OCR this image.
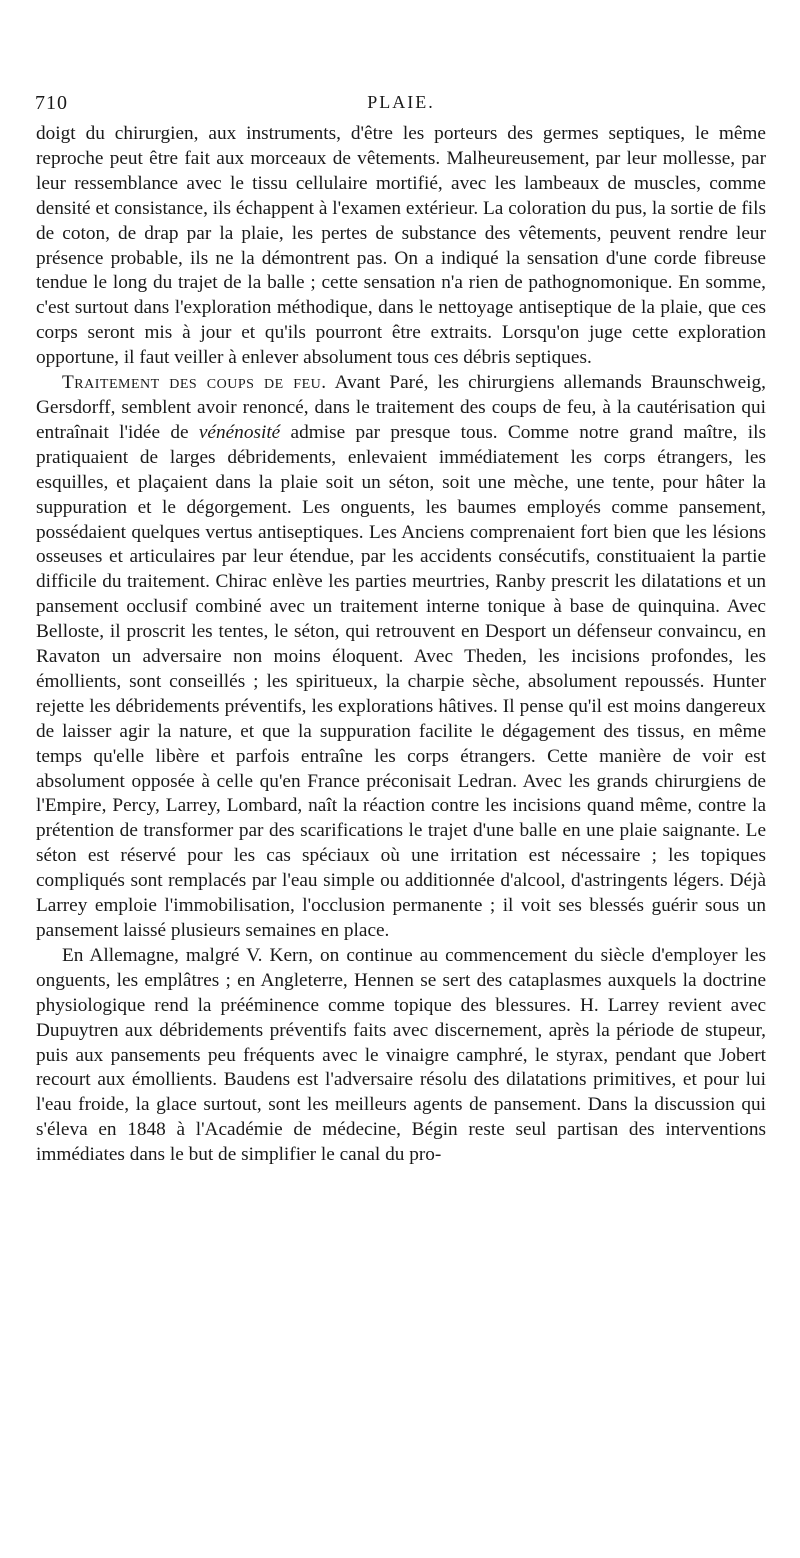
710	PLAIE.

doigt du chirurgien, aux instruments, d'être les porteurs des germes septiques, le même reproche peut être fait aux morceaux de vêtements. Malheureusement, par leur mollesse, par leur ressemblance avec le tissu cellulaire mortifié, avec les lambeaux de muscles, comme densité et consistance, ils échappent à l'examen extérieur. La coloration du pus, la sortie de fils de coton, de drap par la plaie, les pertes de substance des vêtements, peuvent rendre leur présence probable, ils ne la démontrent pas. On a indiqué la sensation d'une corde fibreuse tendue le long du trajet de la balle ; cette sensation n'a rien de pathognomonique. En somme, c'est surtout dans l'exploration méthodique, dans le nettoyage antiseptique de la plaie, que ces corps seront mis à jour et qu'ils pourront être extraits. Lorsqu'on juge cette exploration opportune, il faut veiller à enlever absolument tous ces débris septiques.

Traitement des coups de feu. Avant Paré, les chirurgiens allemands Braunschweig, Gersdorff, semblent avoir renoncé, dans le traitement des coups de feu, à la cautérisation qui entraînait l'idée de vénénosité admise par presque tous. Comme notre grand maître, ils pratiquaient de larges débridements, enlevaient immédiatement les corps étrangers, les esquilles, et plaçaient dans la plaie soit un séton, soit une mèche, une tente, pour hâter la suppuration et le dégorgement. Les onguents, les baumes employés comme pansement, possédaient quelques vertus antiseptiques. Les Anciens comprenaient fort bien que les lésions osseuses et articulaires par leur étendue, par les accidents consécutifs, constituaient la partie difficile du traitement. Chirac enlève les parties meurtries, Ranby prescrit les dilatations et un pansement occlusif combiné avec un traitement interne tonique à base de quinquina. Avec Belloste, il proscrit les tentes, le séton, qui retrouvent en Desport un défenseur convaincu, en Ravaton un adversaire non moins éloquent. Avec Theden, les incisions profondes, les émollients, sont conseillés ; les spiritueux, la charpie sèche, absolument repoussés. Hunter rejette les débridements préventifs, les explorations hâtives. Il pense qu'il est moins dangereux de laisser agir la nature, et que la suppuration facilite le dégagement des tissus, en même temps qu'elle libère et parfois entraîne les corps étrangers. Cette manière de voir est absolument opposée à celle qu'en France préconisait Ledran. Avec les grands chirurgiens de l'Empire, Percy, Larrey, Lombard, naît la réaction contre les incisions quand même, contre la prétention de transformer par des scarifications le trajet d'une balle en une plaie saignante. Le séton est réservé pour les cas spéciaux où une irritation est nécessaire ; les topiques compliqués sont remplacés par l'eau simple ou additionnée d'alcool, d'astringents légers. Déjà Larrey emploie l'immobilisation, l'occlusion permanente ; il voit ses blessés guérir sous un pansement laissé plusieurs semaines en place.

En Allemagne, malgré V. Kern, on continue au commencement du siècle d'employer les onguents, les emplâtres ; en Angleterre, Hennen se sert des cataplasmes auxquels la doctrine physiologique rend la prééminence comme topique des blessures. H. Larrey revient avec Dupuytren aux débridements préventifs faits avec discernement, après la période de stupeur, puis aux pansements peu fréquents avec le vinaigre camphré, le styrax, pendant que Jobert recourt aux émollients. Baudens est l'adversaire résolu des dilatations primitives, et pour lui l'eau froide, la glace surtout, sont les meilleurs agents de pansement. Dans la discussion qui s'éleva en 1848 à l'Académie de médecine, Bégin reste seul partisan des interventions immédiates dans le but de simplifier le canal du pro-
